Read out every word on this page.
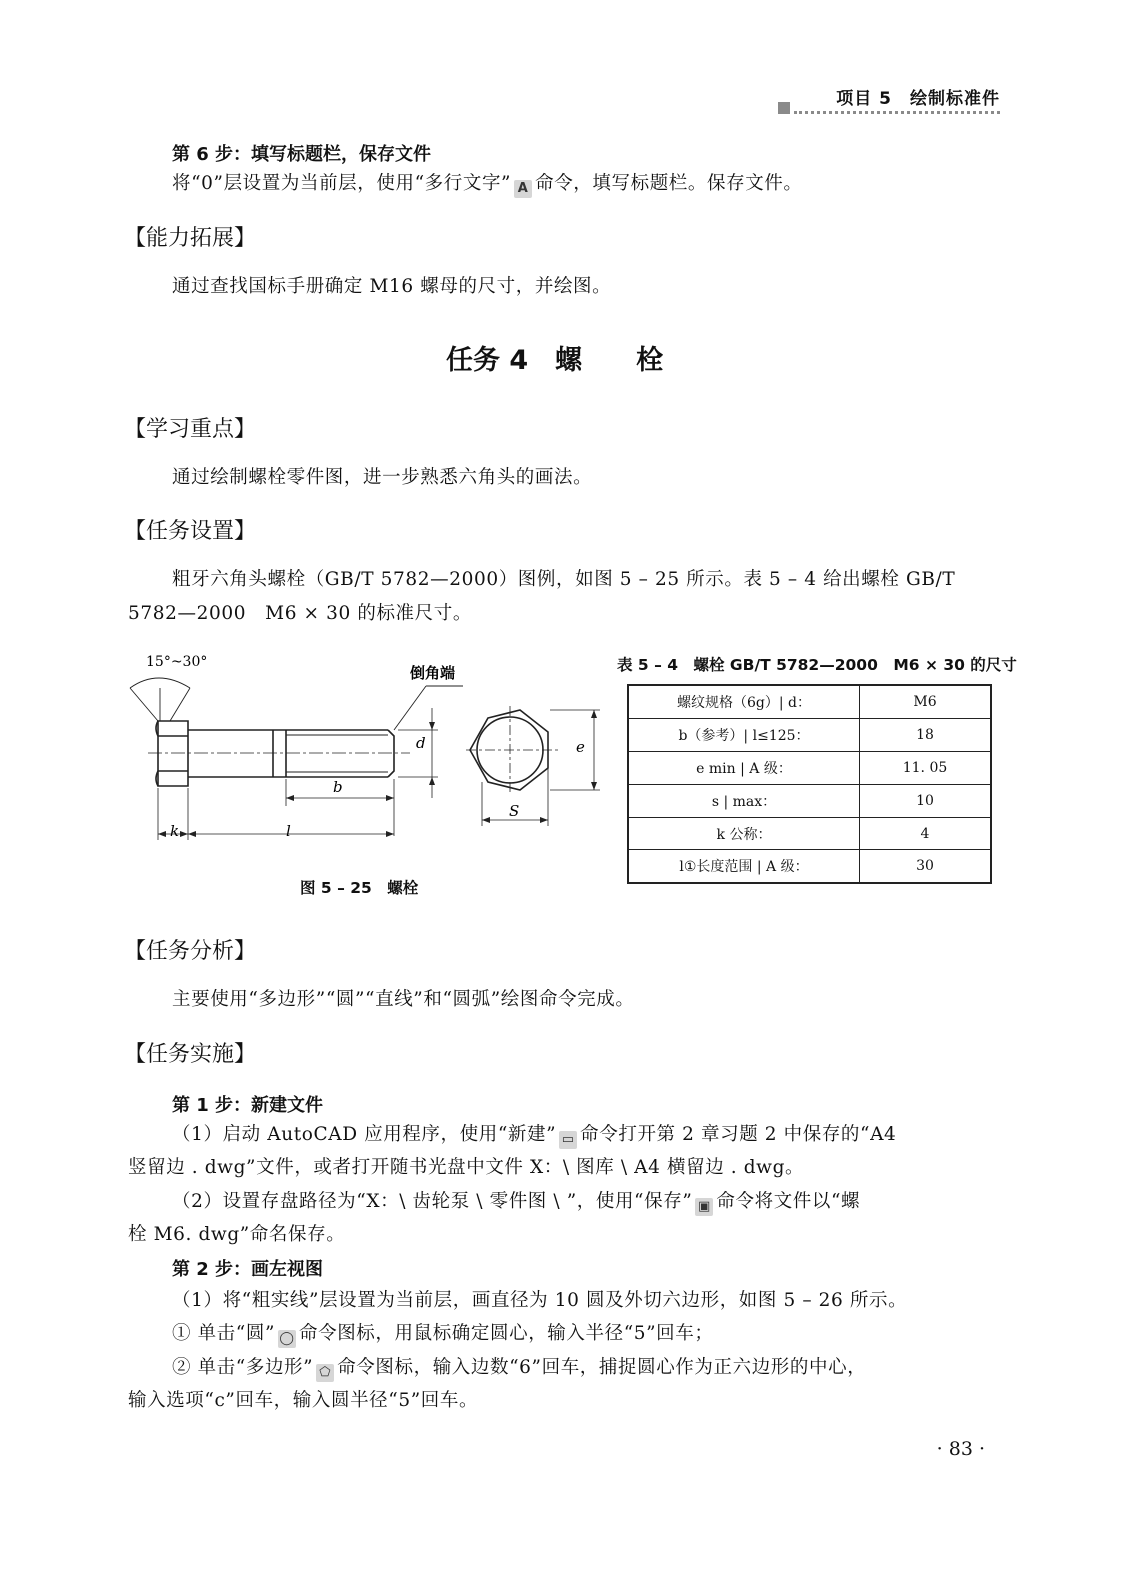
项目 5　绘制标准件
第 6 步：填写标题栏，保存文件
将“0”层设置为当前层，使用“多行文字” A 命令，填写标题栏。保存文件。
【能力拓展】
通过查找国标手册确定 M16 螺母的尺寸，并绘图。
任务 4　螺　　栓
【学习重点】
通过绘制螺栓零件图，进一步熟悉六角头的画法。
【任务设置】
粗牙六角头螺栓（GB/T 5782—2000）图例，如图 5 – 25 所示。表 5 – 4 给出螺栓 GB/T
5782—2000　M6 × 30 的标准尺寸。
15°~30°
倒角端
d
b
k	l
e
S
图 5 – 25　螺栓
表 5 – 4　螺栓 GB/T 5782—2000　M6 × 30 的尺寸
螺纹规格（6g）| d：	M6
b（参考）| l≤125：	18
e min | A 级：	11. 05
s | max：	10
k 公称：	4
l①长度范围 | A 级：	30
【任务分析】
主要使用“多边形”“圆”“直线”和“圆弧”绘图命令完成。
【任务实施】
第 1 步：新建文件
（1）启动 AutoCAD 应用程序，使用“新建” ▭ 命令打开第 2 章习题 2 中保存的“A4
竖留边 . dwg”文件，或者打开随书光盘中文件 X：\ 图库 \ A4 横留边 . dwg。
（2）设置存盘路径为“X：\ 齿轮泵 \ 零件图 \ ”，使用“保存” ▣ 命令将文件以“螺
栓 M6. dwg”命名保存。
第 2 步：画左视图
（1）将“粗实线”层设置为当前层，画直径为 10 圆及外切六边形，如图 5 – 26 所示。
① 单击“圆” ◯ 命令图标，用鼠标确定圆心，输入半径“5”回车；
② 单击“多边形” ⬠ 命令图标，输入边数“6”回车，捕捉圆心作为正六边形的中心，
输入选项“c”回车，输入圆半径“5”回车。
· 83 ·
